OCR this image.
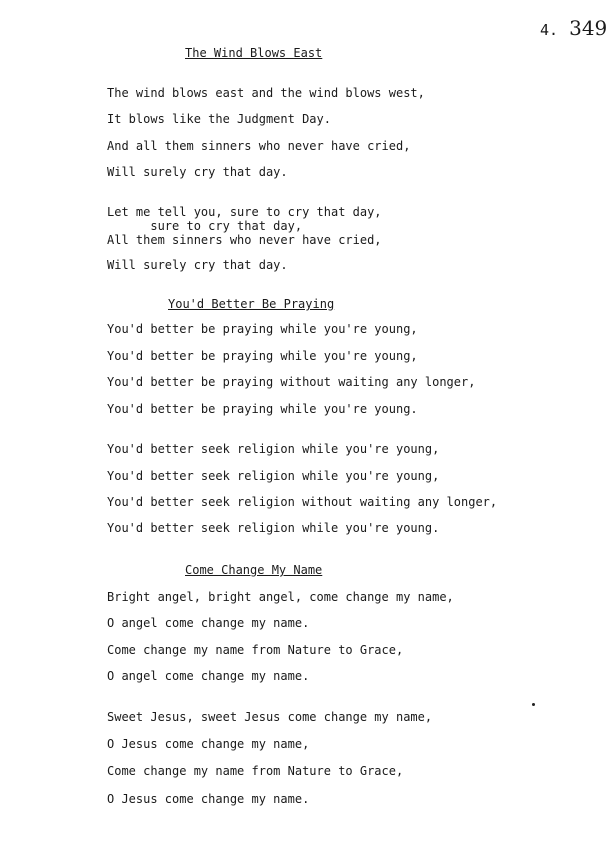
4. 349
The Wind Blows East
The wind blows east and the wind blows west,
It blows like the Judgment Day.
And all them sinners who never have cried,
Will surely cry that day.
Let me tell you, sure to cry that day,
sure to cry that day,
All them sinners who never have cried,
Will surely cry that day.
You'd Better Be Praying
You'd better be praying while you're young,
You'd better be praying while you're young,
You'd better be praying without waiting any longer,
You'd better be praying while you're young.
You'd better seek religion while you're young,
You'd better seek religion while you're young,
You'd better seek religion without waiting any longer,
You'd better seek religion while you're young.
Come Change My Name
Bright angel, bright angel, come change my name,
O angel come change my name.
Come change my name from Nature to Grace,
O angel come change my name.
Sweet Jesus, sweet Jesus come change my name,
O Jesus come change my name,
Come change my name from Nature to Grace,
O Jesus come change my name.
